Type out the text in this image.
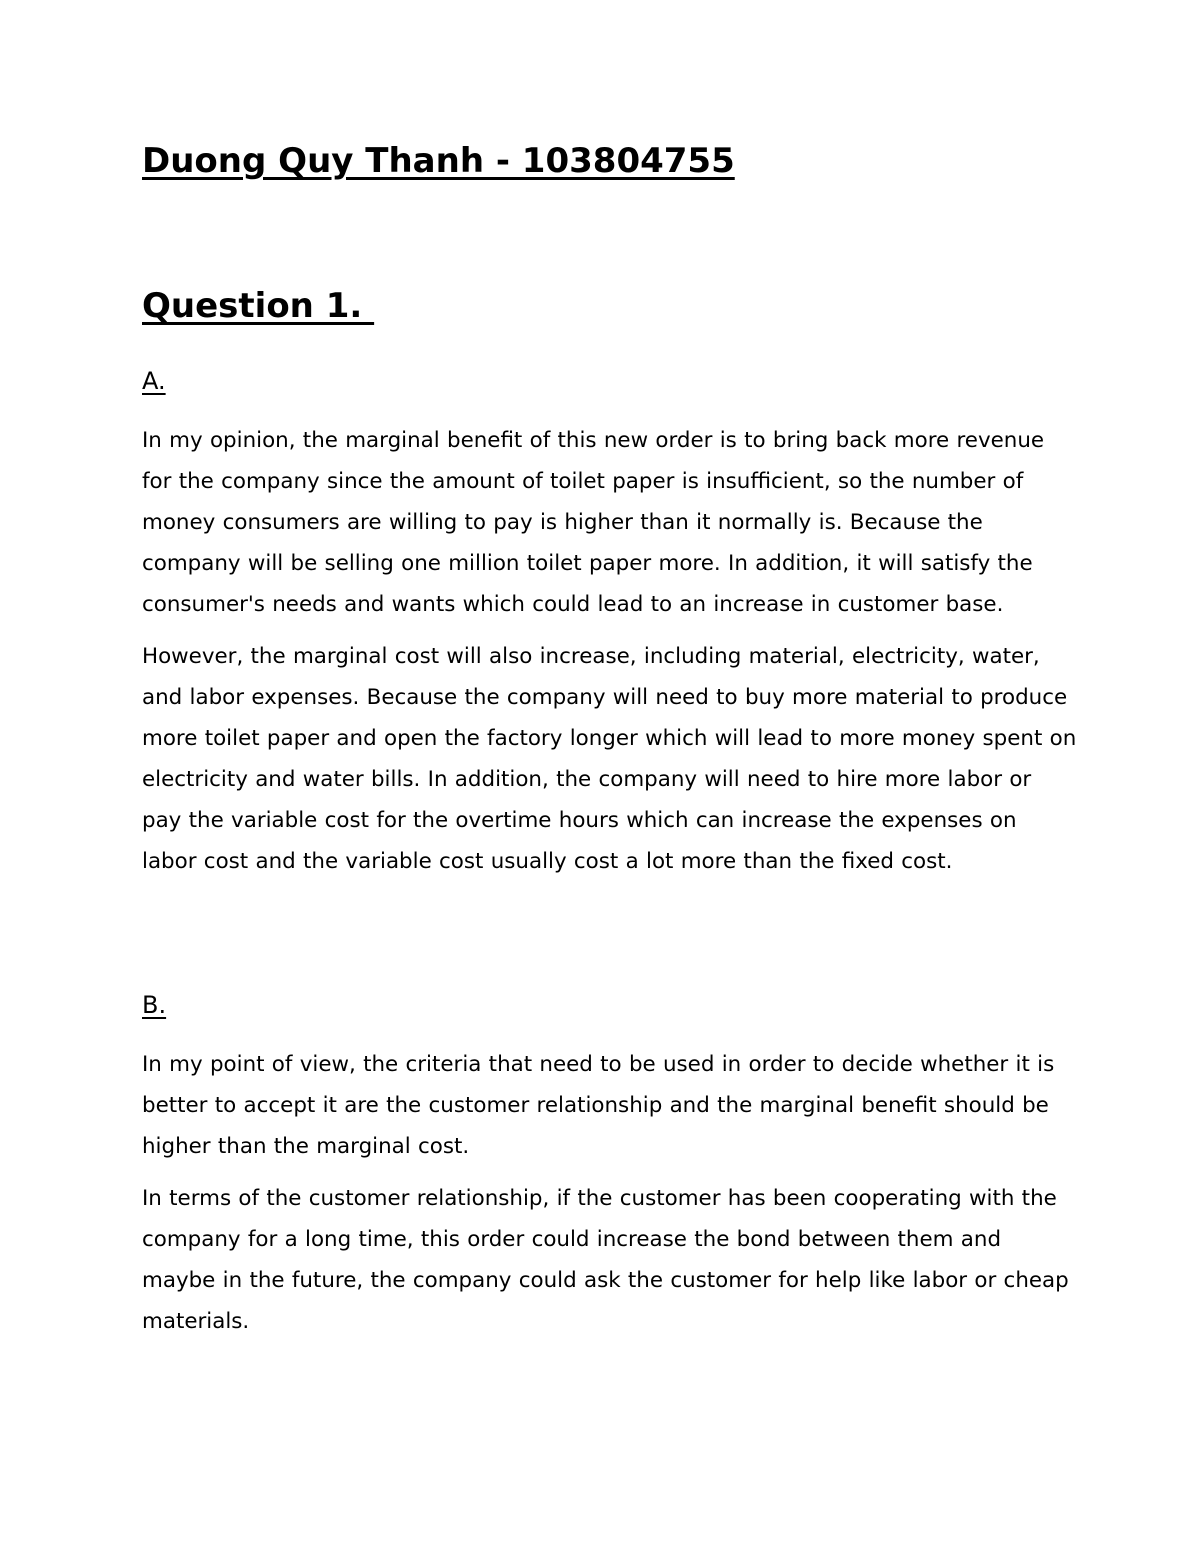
Duong Quy Thanh - 103804755
Question 1.
A.

In my opinion, the marginal benefit of this new order is to bring back more revenue for the company since the amount of toilet paper is insufficient, so the number of money consumers are willing to pay is higher than it normally is. Because the company will be selling one million toilet paper more. In addition, it will satisfy the consumer's needs and wants which could lead to an increase in customer base.

However, the marginal cost will also increase, including material, electricity, water, and labor expenses. Because the company will need to buy more material to produce more toilet paper and open the factory longer which will lead to more money spent on electricity and water bills. In addition, the company will need to hire more labor or pay the variable cost for the overtime hours which can increase the expenses on labor cost and the variable cost usually cost a lot more than the fixed cost.

B.

In my point of view, the criteria that need to be used in order to decide whether it is better to accept it are the customer relationship and the marginal benefit should be higher than the marginal cost.

In terms of the customer relationship, if the customer has been cooperating with the company for a long time, this order could increase the bond between them and maybe in the future, the company could ask the customer for help like labor or cheap materials.
